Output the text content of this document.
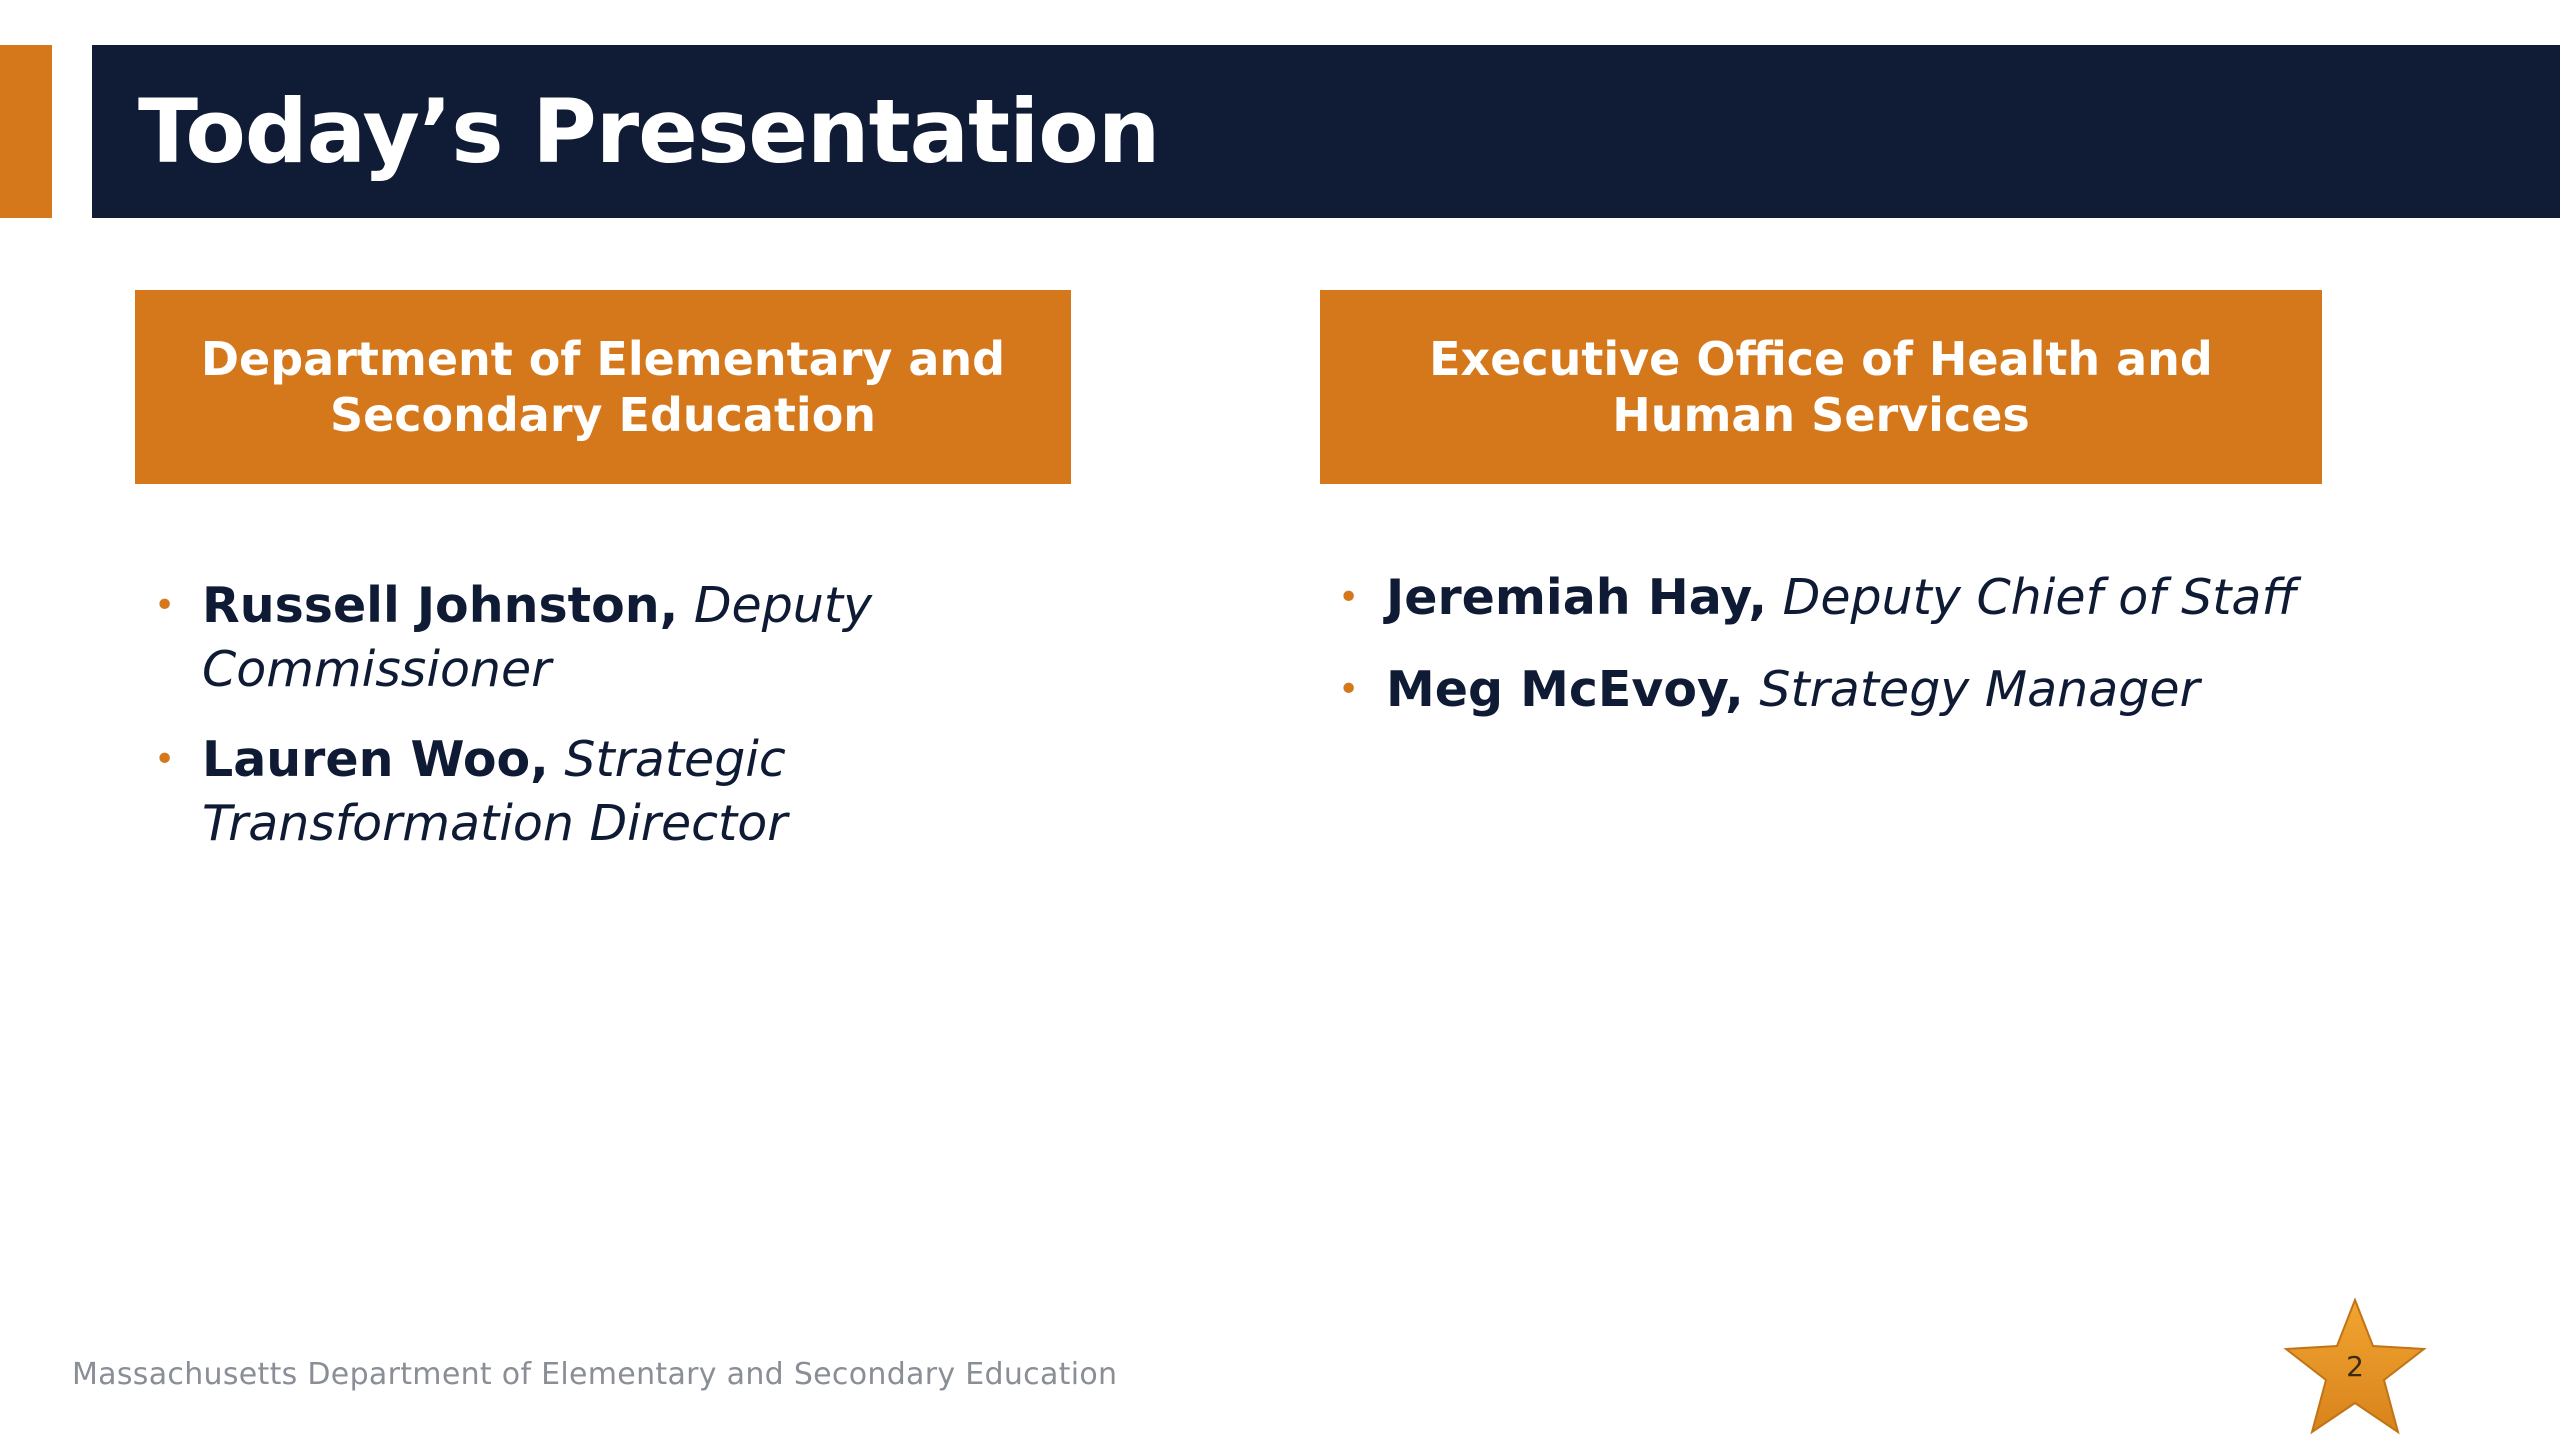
Today’s Presentation
Department of Elementary and Secondary Education
Executive Office of Health and Human Services
• Russell Johnston, Deputy Commissioner
• Lauren Woo, Strategic Transformation Director
• Jeremiah Hay, Deputy Chief of Staff
• Meg McEvoy, Strategy Manager
Massachusetts Department of Elementary and Secondary Education	2
